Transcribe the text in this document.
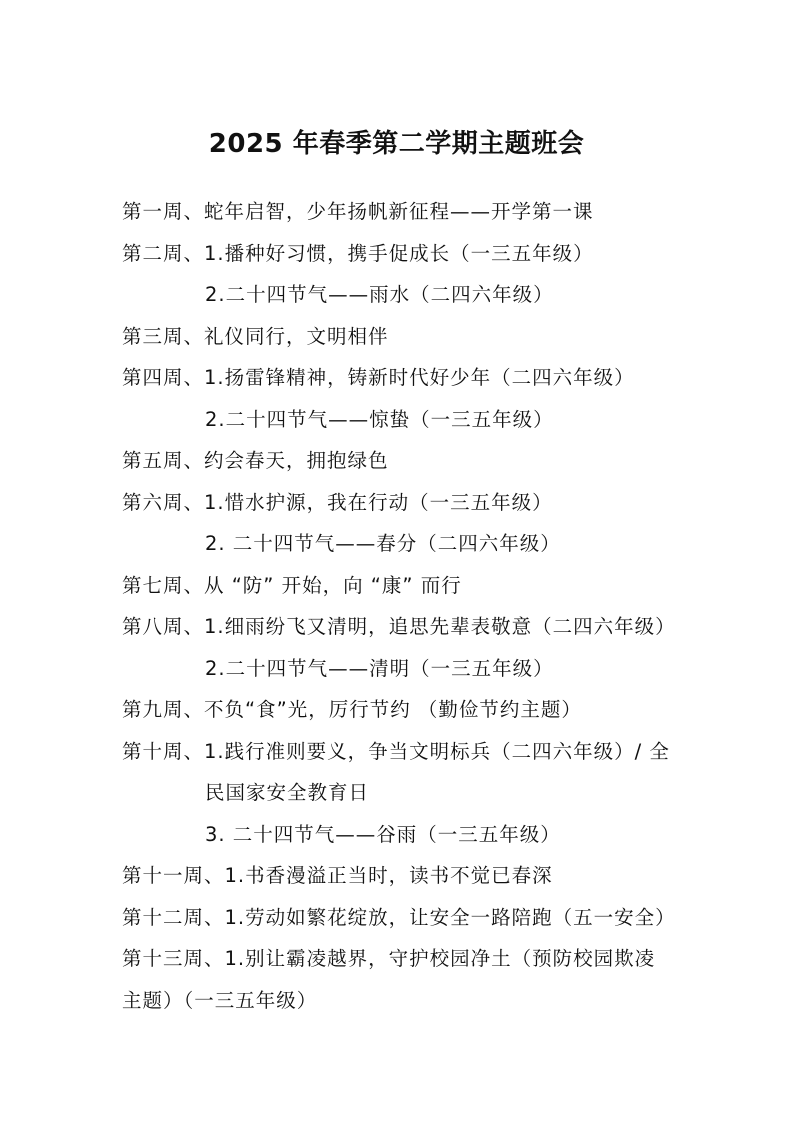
2025 年春季第二学期主题班会
第一周、蛇年启智，少年扬帆新征程——开学第一课
第二周、1.播种好习惯，携手促成长（一三五年级）
2.二十四节气——雨水（二四六年级）
第三周、礼仪同行，文明相伴
第四周、1.扬雷锋精神，铸新时代好少年（二四六年级）
2.二十四节气——惊蛰（一三五年级）
第五周、约会春天，拥抱绿色
第六周、1.惜水护源，我在行动（一三五年级）
2. 二十四节气——春分（二四六年级）
第七周、从 “防” 开始，向 “康” 而行
第八周、1.细雨纷飞又清明，追思先辈表敬意（二四六年级）
2.二十四节气——清明（一三五年级）
第九周、不负“食”光，厉行节约 （勤俭节约主题）
第十周、1.践行准则要义，争当文明标兵（二四六年级）/ 全
民国家安全教育日
3. 二十四节气——谷雨（一三五年级）
第十一周、1.书香漫溢正当时，读书不觉已春深
第十二周、1.劳动如繁花绽放，让安全一路陪跑（五一安全）
第十三周、1.别让霸凌越界，守护校园净土（预防校园欺凌
主题）（一三五年级）
